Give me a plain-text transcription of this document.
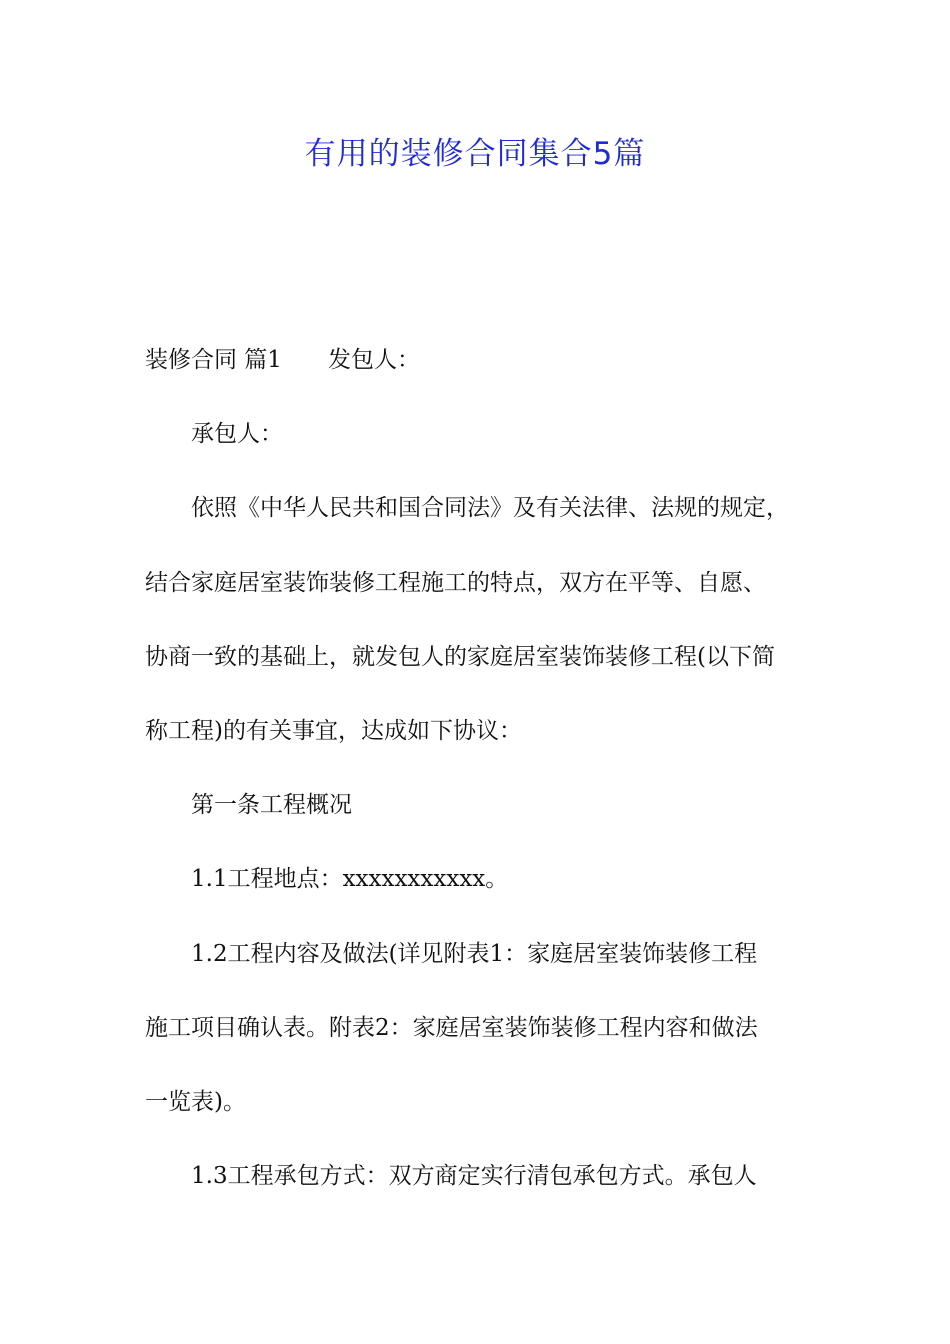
有用的装修合同集合5篇
装修合同 篇1 发包人：
承包人：
依照《中华人民共和国合同法》及有关法律、法规的规定，
结合家庭居室装饰装修工程施工的特点，双方在平等、自愿、
协商一致的基础上，就发包人的家庭居室装饰装修工程(以下简
称工程)的有关事宜，达成如下协议：
第一条工程概况
1.1工程地点：xxxxxxxxxxx。
1.2工程内容及做法(详见附表1：家庭居室装饰装修工程
施工项目确认表。附表2：家庭居室装饰装修工程内容和做法
一览表)。
1.3工程承包方式：双方商定实行清包承包方式。承包人
